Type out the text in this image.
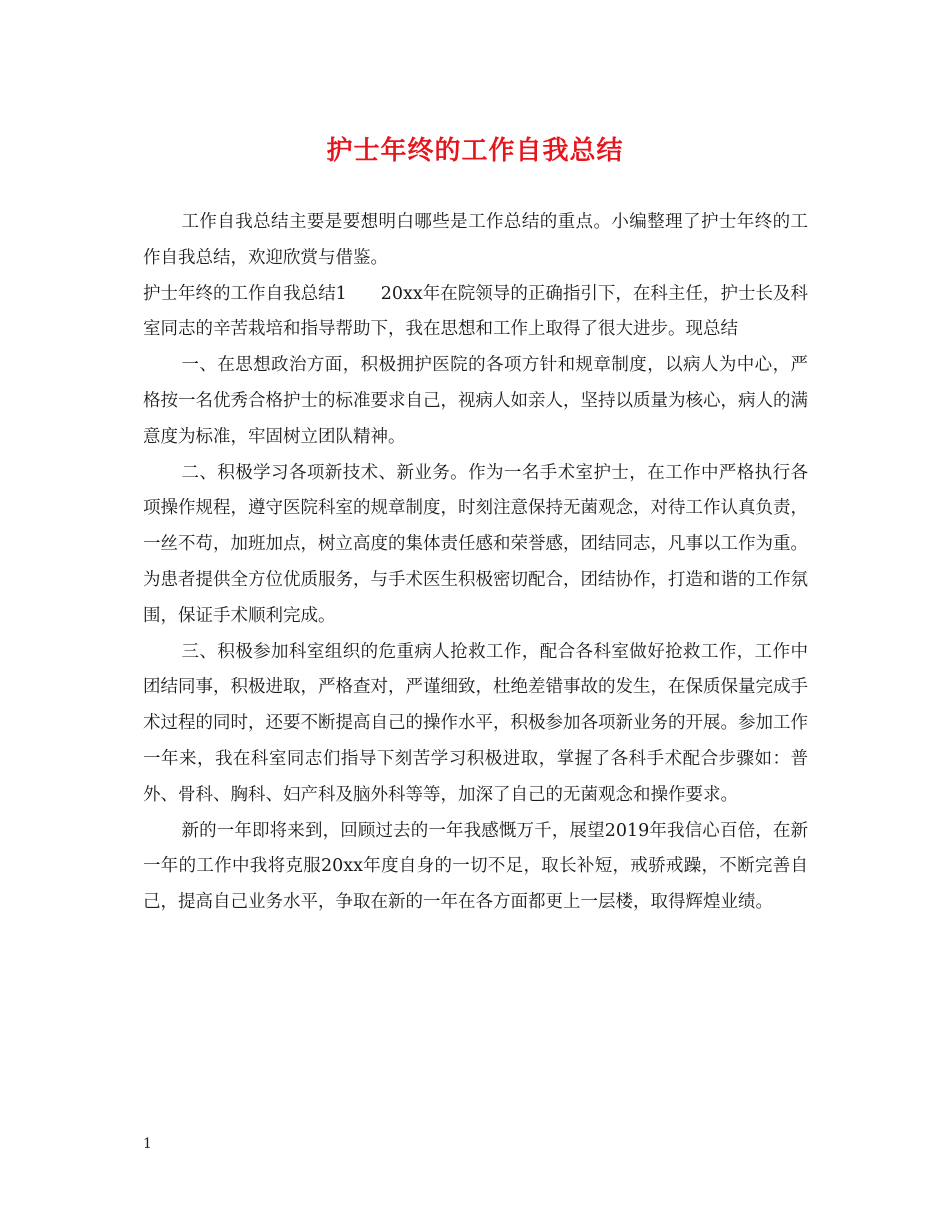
护士年终的工作自我总结

工作自我总结主要是要想明白哪些是工作总结的重点。小编整理了护士年终的工作自我总结，欢迎欣赏与借鉴。

护士年终的工作自我总结1 20xx年在院领导的正确指引下，在科主任，护士长及科室同志的辛苦栽培和指导帮助下，我在思想和工作上取得了很大进步。现总结

一、在思想政治方面，积极拥护医院的各项方针和规章制度，以病人为中心，严格按一名优秀合格护士的标准要求自己，视病人如亲人，坚持以质量为核心，病人的满意度为标准，牢固树立团队精神。

二、积极学习各项新技术、新业务。作为一名手术室护士，在工作中严格执行各项操作规程，遵守医院科室的规章制度，时刻注意保持无菌观念，对待工作认真负责，一丝不苟，加班加点，树立高度的集体责任感和荣誉感，团结同志，凡事以工作为重。为患者提供全方位优质服务，与手术医生积极密切配合，团结协作，打造和谐的工作氛围，保证手术顺利完成。

三、积极参加科室组织的危重病人抢救工作，配合各科室做好抢救工作，工作中团结同事，积极进取，严格查对，严谨细致，杜绝差错事故的发生，在保质保量完成手术过程的同时，还要不断提高自己的操作水平，积极参加各项新业务的开展。参加工作一年来，我在科室同志们指导下刻苦学习积极进取，掌握了各科手术配合步骤如：普外、骨科、胸科、妇产科及脑外科等等，加深了自己的无菌观念和操作要求。

新的一年即将来到，回顾过去的一年我感慨万千，展望2019年我信心百倍，在新一年的工作中我将克服20xx年度自身的一切不足，取长补短，戒骄戒躁，不断完善自己，提高自己业务水平，争取在新的一年在各方面都更上一层楼，取得辉煌业绩。

1
